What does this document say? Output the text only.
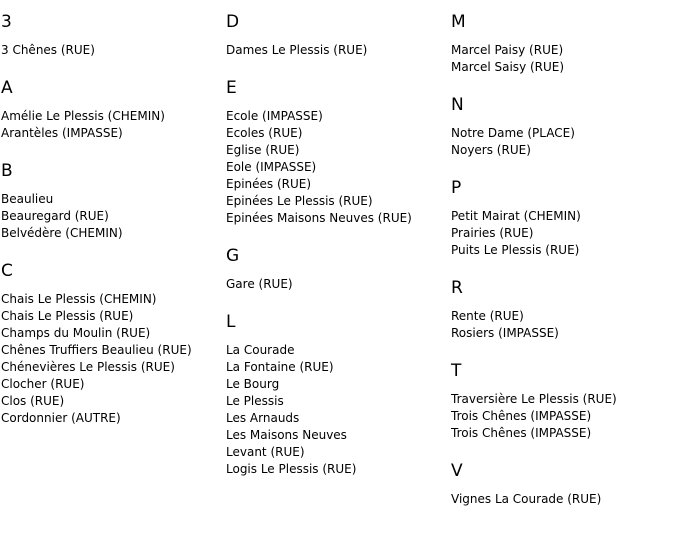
3
3 Chênes (RUE)
A
Amélie Le Plessis (CHEMIN)
Arantèles (IMPASSE)
B
Beaulieu
Beauregard (RUE)
Belvédère (CHEMIN)
C
Chais Le Plessis (CHEMIN)
Chais Le Plessis (RUE)
Champs du Moulin (RUE)
Chênes Truffiers Beaulieu (RUE)
Chénevières Le Plessis (RUE)
Clocher (RUE)
Clos (RUE)
Cordonnier (AUTRE)
D
Dames Le Plessis (RUE)
E
Ecole (IMPASSE)
Ecoles (RUE)
Eglise (RUE)
Eole (IMPASSE)
Epinées (RUE)
Epinées Le Plessis (RUE)
Epinées Maisons Neuves (RUE)
G
Gare (RUE)
L
La Courade
La Fontaine (RUE)
Le Bourg
Le Plessis
Les Arnauds
Les Maisons Neuves
Levant (RUE)
Logis Le Plessis (RUE)
M
Marcel Paisy (RUE)
Marcel Saisy (RUE)
N
Notre Dame (PLACE)
Noyers (RUE)
P
Petit Mairat (CHEMIN)
Prairies (RUE)
Puits Le Plessis (RUE)
R
Rente (RUE)
Rosiers (IMPASSE)
T
Traversière Le Plessis (RUE)
Trois Chênes (IMPASSE)
Trois Chênes (IMPASSE)
V
Vignes La Courade (RUE)
